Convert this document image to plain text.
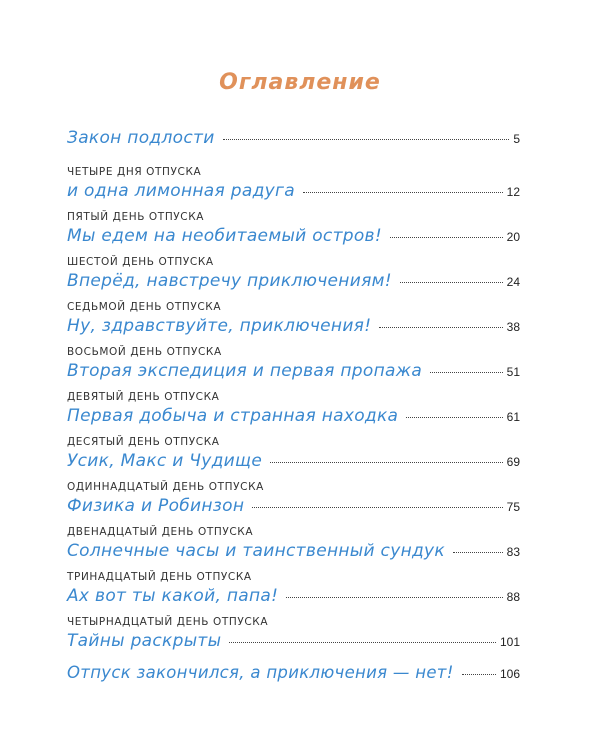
Оглавление
Закон подлости	5
ЧЕТЫРЕ ДНЯ ОТПУСКА
и одна лимонная радуга	12
ПЯТЫЙ ДЕНЬ ОТПУСКА
Мы едем на необитаемый остров!	20
ШЕСТОЙ ДЕНЬ ОТПУСКА
Вперёд, навстречу приключениям!	24
СЕДЬМОЙ ДЕНЬ ОТПУСКА
Ну, здравствуйте, приключения!	38
ВОСЬМОЙ ДЕНЬ ОТПУСКА
Вторая экспедиция и первая пропажа	51
ДЕВЯТЫЙ ДЕНЬ ОТПУСКА
Первая добыча и странная находка	61
ДЕСЯТЫЙ ДЕНЬ ОТПУСКА
Усик, Макс и Чудище	69
ОДИННАДЦАТЫЙ ДЕНЬ ОТПУСКА
Физика и Робинзон	75
ДВЕНАДЦАТЫЙ ДЕНЬ ОТПУСКА
Солнечные часы и таинственный сундук	83
ТРИНАДЦАТЫЙ ДЕНЬ ОТПУСКА
Ах вот ты какой, папа!	88
ЧЕТЫРНАДЦАТЫЙ ДЕНЬ ОТПУСКА
Тайны раскрыты	101
Отпуск закончился, а приключения — нет!	106
